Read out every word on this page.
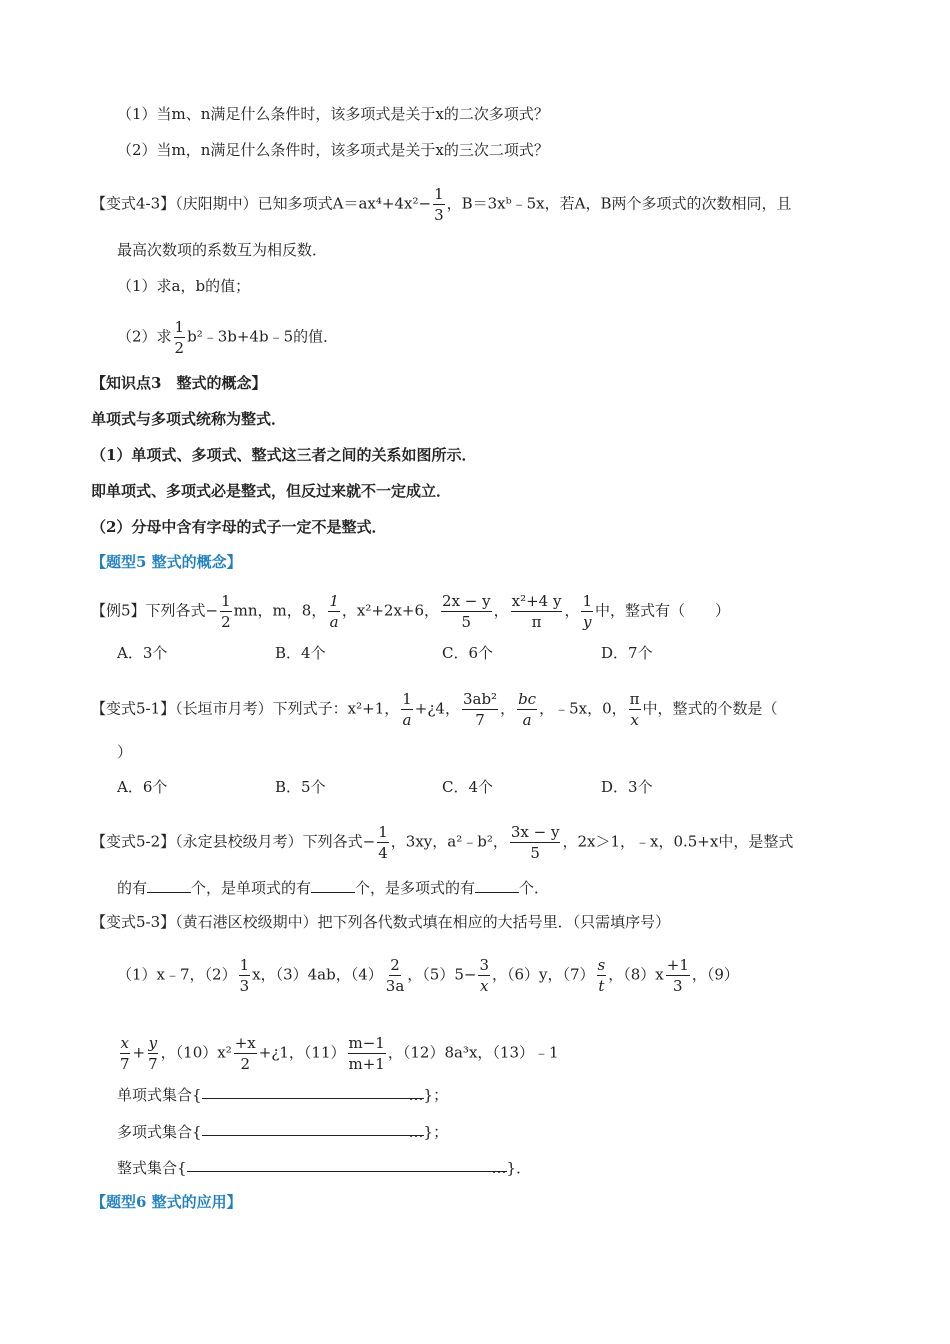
（1）当m、n满足什么条件时，该多项式是关于x的二次多项式？
（2）当m，n满足什么条件时，该多项式是关于x的三次二项式？
【变式4-3】（庆阳期中）已知多项式$A=ax^4+4x^2- \frac{1}{3}$ ，B＝3xᵇ﹣5x，若A，B两个多项式的次数相同，且
最高次数项的系数互为相反数．
（1）求a，b的值；
（2）求 $\frac{1}{2}$ b²﹣3b+4b﹣5的值．
【知识点3　整式的概念】
单项式与多项式统称为整式．
（1）单项式、多项式、整式这三者之间的关系如图所示．
即单项式、多项式必是整式，但反过来就不一定成立．
（2）分母中含有字母的式子一定不是整式．
【题型5 整式的概念】
【例5】下列各式− $\frac{1}{2}$ mn，m，8， $\frac{1}{a}$ ，x²+2x+6， $\frac{2x - y}{5}$ ， $\frac{\text{x²+4 y}}{\pi}$ ， $\frac{1}{y}$ 中，整式有（　　）
A．3个	B．4个	C．6个	D．7个
【变式5-1】（长垣市月考）下列式子：x²+1， $\frac{1}{a}$ +¿4， $\frac{\text{3ab²}}{7}$ ， $\frac{bc}{a}$ ，﹣5x，0， $\frac{\pi}{x}$ 中，整式的个数是（
）
A．6个	B．5个	C．4个	D．3个
【变式5-2】（永定县校级月考）下列各式− $\frac{1}{4}$ ，3xy，a²﹣b²， $\frac{3x - y}{5}$ ，2x＞1，﹣x，0.5+x中，是整式
的有	个，是单项式的有	个，是多项式的有	个．
【变式5-3】（黄石港区校级期中）把下列各代数式填在相应的大括号里．（只需填序号）
（1）x﹣7，$(2) \frac{1}{3}$ x，（3）4ab，$(4) \frac{2}{3a}$ ，$(5)5- \frac{3}{x}$ ，（6）y，$(7) \frac{s}{t}$ ，$(8)x \frac{+1}{3}$ ，（9）
$\frac{x}{7} + \frac{y}{7}$ ，$(10)x^2 \frac{+x}{2}$ +¿1，$(11) \frac{m-1}{m+1}$ ，（12）8a³x，（13）﹣1
单项式集合{	…}；
多项式集合{	…}；
整式集合{	…}．
【题型6 整式的应用】
